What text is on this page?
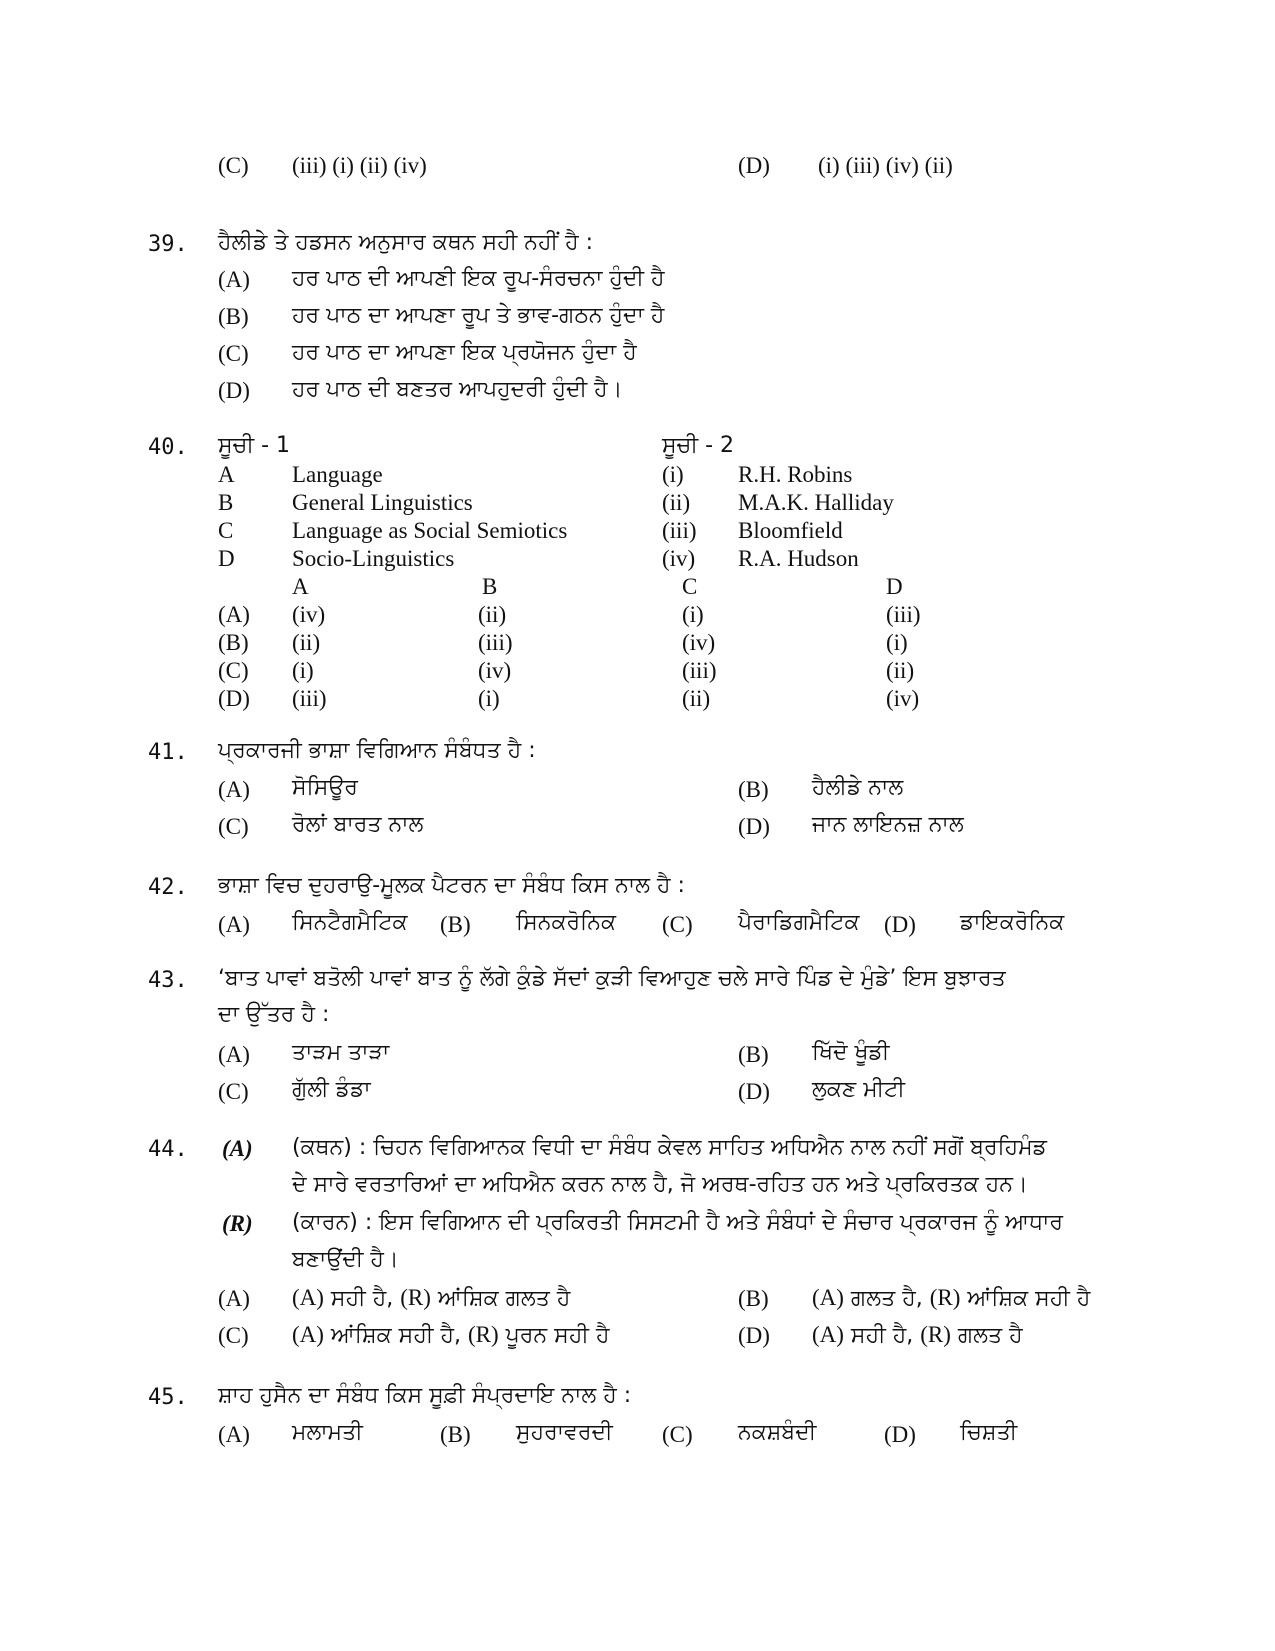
(C) (iii) (i) (ii) (iv)	(D) (i) (iii) (iv) (ii)
39. ਹੈਲੀਡੇ ਤੇ ਹਡਸਨ ਅਨੁਸਾਰ ਕਥਨ ਸਹੀ ਨਹੀਂ ਹੈ :
(A) ਹਰ ਪਾਠ ਦੀ ਆਪਣੀ ਇਕ ਰੂਪ-ਸੰਰਚਨਾ ਹੁੰਦੀ ਹੈ
(B) ਹਰ ਪਾਠ ਦਾ ਆਪਣਾ ਰੂਪ ਤੇ ਭਾਵ-ਗਠਨ ਹੁੰਦਾ ਹੈ
(C) ਹਰ ਪਾਠ ਦਾ ਆਪਣਾ ਇਕ ਪ੍ਰਯੋਜਨ ਹੁੰਦਾ ਹੈ
(D) ਹਰ ਪਾਠ ਦੀ ਬਣਤਰ ਆਪਹੁਦਰੀ ਹੁੰਦੀ ਹੈ।
40. ਸੂਚੀ - 1	ਸੂਚੀ - 2
A Language	(i) R.H. Robins
B	General Linguistics	(ii) M.A.K. Halliday
C	Language as Social Semiotics	(iii) Bloomfield
D Socio-Linguistics	(iv) R.A. Hudson
A	B	C	D
(A) (iv)	(ii)	(i)	(iii)
(B) (ii)	(iii)	(iv)	(i)
(C) (i)	(iv)	(iii)	(ii)
(D) (iii)	(i)	(ii)	(iv)
41. ਪ੍ਰਕਾਰਜੀ ਭਾਸ਼ਾ ਵਿਗਿਆਨ ਸੰਬੰਧਤ ਹੈ :
(A) ਸੋਸਿਊਰ	(B) ਹੈਲੀਡੇ ਨਾਲ
(C) ਰੋਲਾਂ ਬਾਰਤ ਨਾਲ	(D) ਜਾਨ ਲਾਇਨਜ਼ ਨਾਲ
42. ਭਾਸ਼ਾ ਵਿਚ ਦੁਹਰਾਉ-ਮੂਲਕ ਪੈਟਰਨ ਦਾ ਸੰਬੰਧ ਕਿਸ ਨਾਲ ਹੈ :
(A) ਸਿਨਟੈਗਮੈਟਿਕ (B) ਸਿਨਕਰੋਨਿਕ (C) ਪੈਰਾਡਿਗਮੈਟਿਕ (D) ਡਾਇਕਰੋਨਿਕ
43. ‘ਬਾਤ ਪਾਵਾਂ ਬਤੋਲੀ ਪਾਵਾਂ ਬਾਤ ਨੂੰ ਲੱਗੇ ਕੁੰਡੇ ਸੱਦਾਂ ਕੁੜੀ ਵਿਆਹੁਣ ਚਲੇ ਸਾਰੇ ਪਿੰਡ ਦੇ ਮੁੰਡੇ’ ਇਸ ਬੁਝਾਰਤ
ਦਾ ਉੱਤਰ ਹੈ :
(A) ਤਾੜਮ ਤਾੜਾ	(B) ਖਿੱਦੋ ਖੂੰਡੀ
(C) ਗੁੱਲੀ ਡੰਡਾ	(D) ਲੁਕਣ ਮੀਟੀ
44. (A) (ਕਥਨ) : ਚਿਹਨ ਵਿਗਿਆਨਕ ਵਿਧੀ ਦਾ ਸੰਬੰਧ ਕੇਵਲ ਸਾਹਿਤ ਅਧਿਐਨ ਨਾਲ ਨਹੀਂ ਸਗੋਂ ਬ੍ਰਹਿਮੰਡ
ਦੇ ਸਾਰੇ ਵਰਤਾਰਿਆਂ ਦਾ ਅਧਿਐਨ ਕਰਨ ਨਾਲ ਹੈ, ਜੋ ਅਰਥ-ਰਹਿਤ ਹਨ ਅਤੇ ਪ੍ਰਕਿਰਤਕ ਹਨ।
(R) (ਕਾਰਨ) : ਇਸ ਵਿਗਿਆਨ ਦੀ ਪ੍ਰਕਿਰਤੀ ਸਿਸਟਮੀ ਹੈ ਅਤੇ ਸੰਬੰਧਾਂ ਦੇ ਸੰਚਾਰ ਪ੍ਰਕਾਰਜ ਨੂੰ ਆਧਾਰ
ਬਣਾਉਂਦੀ ਹੈ।
(A) (A) ਸਹੀ ਹੈ, (R) ਆਂਸ਼ਿਕ ਗਲਤ ਹੈ	(B) (A) ਗਲਤ ਹੈ, (R) ਆਂਸ਼ਿਕ ਸਹੀ ਹੈ
(C) (A) ਆਂਸ਼ਿਕ ਸਹੀ ਹੈ, (R) ਪੂਰਨ ਸਹੀ ਹੈ	(D) (A) ਸਹੀ ਹੈ, (R) ਗਲਤ ਹੈ
45. ਸ਼ਾਹ ਹੁਸੈਨ ਦਾ ਸੰਬੰਧ ਕਿਸ ਸੂਫ਼ੀ ਸੰਪ੍ਰਦਾਇ ਨਾਲ ਹੈ :
(A) ਮਲਾਮਤੀ	(B) ਸੁਹਰਾਵਰਦੀ (C) ਨਕਸ਼ਬੰਦੀ	(D) ਚਿਸ਼ਤੀ
